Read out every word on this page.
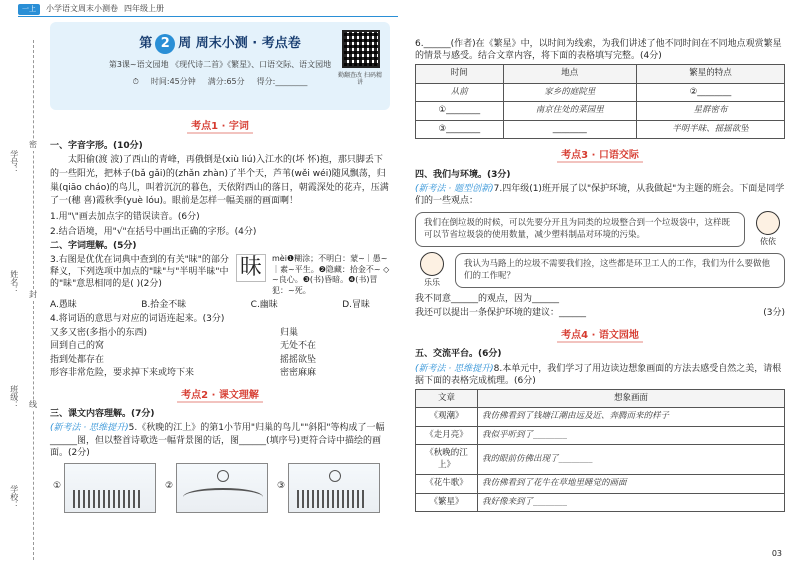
一上	小学语文周末小测卷 四年级上册
学号：
姓名：
班级：
学校：
密
封
线
第 2 周 周末小测 · 考点卷
第3课~语文园地 《现代诗二首》《繁星》、口语交际、语文园地
⏱ 时间:45分钟 满分:65分 得分:________
勤翻查改 扫码精讲
考点1 · 字词
一、字音字形。(10分)
太阳偷(渡 波)了西山的青峰，再俄倒是(xiù liú)入江水的(坏 怀)抱，那只脚丢下的一些阳光，把林子(bǎ gǎi)的(zhǎn zhàn)了半个天，芦苇(wěi wéi)随风飘荡，归巢(qiāo cháo)的鸟儿，叫着沉沉的暮色，天依附西山的落日，朝霞深处的花卉，压满了一(穗 喜)霞秋季(yuè lóu)。眼前是怎样一幅美丽的画面啊！
1.用"\"画去加点字的错误读音。(6分)
2.结合语境，用"√"在括号中画出正确的字形。(4分)
二、字词理解。(5分)
3.右图是优优在词典中查到的有关"昧"的部分释义，下列选项中加点的"昧"与"半明半昧"中的"昧"意思相同的是( )(2分)
昧	mèi❶糊涂；不明白：蒙~｜愚~｜素~平生。❷隐藏：拾金不~ ◇ ~良心。❸(书)昏暗。❹(书)冒犯：~死。
A.愚昧	B.拾金不昧	C.幽昧	D.冒昧
4.将词语的意思与对应的词语连起来。(3分)
又多又密(多指小的东西)	归巢
回到自己的窝	无处不在
指到处都存在	摇摇欲坠
形容非常危险，要求掉下来或垮下来	密密麻麻
考点2 · 课文理解
三、课文内容理解。(7分)
(新考法 · 思维提升)5.《秋晚的江上》的第1小节用"归巢的鸟儿""斜阳"等构成了一幅______图，但以整首诗歌选一幅背景图的话，图______(填序号)更符合诗中描绘的画面。(2分)
①	②	③
6.______(作者)在《繁星》中，以时间为线索，为我们讲述了他不同时间在不同地点观赏繁星的情景与感受。结合文章内容，将下面的表格填写完整。(4分)
时间	地点	繁星的特点
从前	家乡的庭院里	②________
①________	南京住处的菜园里	星群密布
③________	________	半明半昧、摇摇欲坠
考点3 · 口语交际
四、我们与环境。(3分)
(新考法 · 题型创新)7.四年级(1)班开展了以"保护环境，从我做起"为主题的班会。下面是同学们的一些观点：
我们在倒垃圾的时候，可以先要分开且为同类的垃圾整合到一个垃圾袋中，这样既可以节省垃圾袋的使用数量，减少塑料制品对环境的污染。
依依
乐乐
我认为马路上的垃圾不需要我们捡，这些都是环卫工人的工作，我们为什么要做他们的工作呢？
我不同意______的观点，因为______
我还可以提出一条保护环境的建议：______	(3分)
考点4 · 语文园地
五、交流平台。(6分)
(新考法 · 思维提升)8.本单元中，我们学习了用边读边想象画面的方法去感受自然之美，请根据下面的表格完成梳理。(6分)
文章	想象画面
《观潮》	我仿佛看到了钱塘江潮由远及近、奔腾而来的样子
《走月亮》	我似乎听到了________
《秋晚的江上》	我的眼前仿佛出现了________
《花牛歌》	我仿佛看到了花牛在草地里睡觉的画面
《繁星》	我好像来到了________
03
